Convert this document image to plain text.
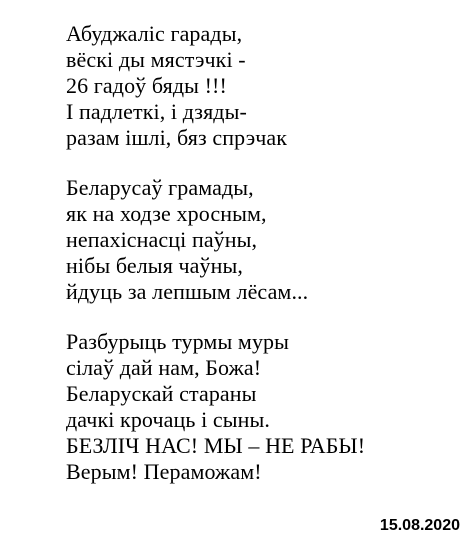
Абуджаліс гарады,
вёскі ды мястэчкі -
26 гадоў бяды !!!
І падлеткі, і дзяды-
разам ішлі, бяз спрэчак
Беларусаў грамады,
як на ходзе хросным,
непахіснасці паўны,
нібы белыя чаўны,
йдуць за лепшым лёсам...
Разбурыць турмы муры
сілаў дай нам, Божа!
Беларускай стараны
дачкі крочаць і сыны.
БЕЗЛІЧ НАС! МЫ – НЕ РАБЫ!
Верым! Пераможам!
15.08.2020
